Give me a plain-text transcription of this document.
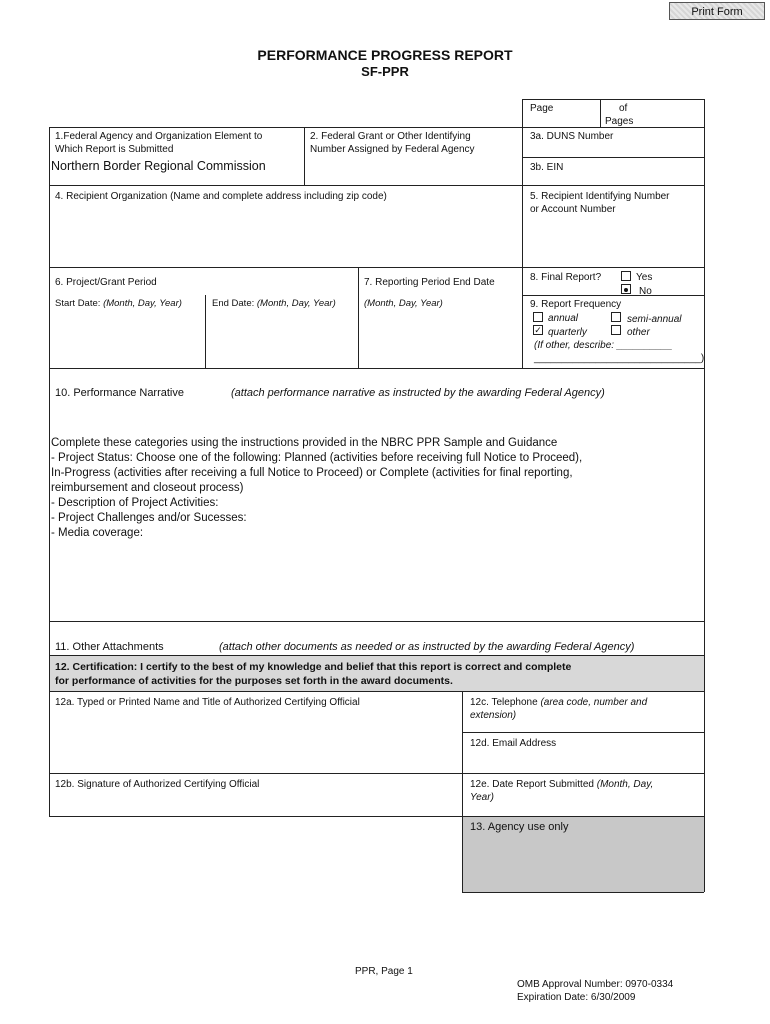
Print Form
PERFORMANCE PROGRESS REPORT
SF-PPR
Page	of
Pages
1.Federal Agency and Organization Element to
Which Report is Submitted
Northern Border Regional Commission
2. Federal Grant or Other Identifying
Number Assigned by Federal Agency
3a. DUNS Number
3b. EIN
4. Recipient Organization (Name and complete address including zip code)	5. Recipient Identifying Number
or Account Number
6. Project/Grant Period
Start Date: (Month, Day, Year)	End Date: (Month, Day, Year)
7. Reporting Period End Date
(Month, Day, Year)
8. Final Report?	Yes
No
9. Report Frequency
annual	semi-annual
✓ quarterly	other
(If other, describe: __________
______________________________)
10. Performance Narrative	(attach performance narrative as instructed by the awarding Federal Agency)
Complete these categories using the instructions provided in the NBRC PPR Sample and Guidance
- Project Status: Choose one of the following: Planned (activities before receiving full Notice to Proceed),
In-Progress (activities after receiving a full Notice to Proceed) or Complete (activities for final reporting,
reimbursement and closeout process)
- Description of Project Activities:
- Project Challenges and/or Sucesses:
- Media coverage:
11. Other Attachments	(attach other documents as needed or as instructed by the awarding Federal Agency)
12. Certification: I certify to the best of my knowledge and belief that this report is correct and complete
for performance of activities for the purposes set forth in the award documents.
12a. Typed or Printed Name and Title of Authorized Certifying Official
12b. Signature of Authorized Certifying Official
12c. Telephone (area code, number and
extension)
12d. Email Address
12e. Date Report Submitted (Month, Day,
Year)
13. Agency use only
PPR, Page 1
OMB Approval Number: 0970-0334
Expiration Date: 6/30/2009
